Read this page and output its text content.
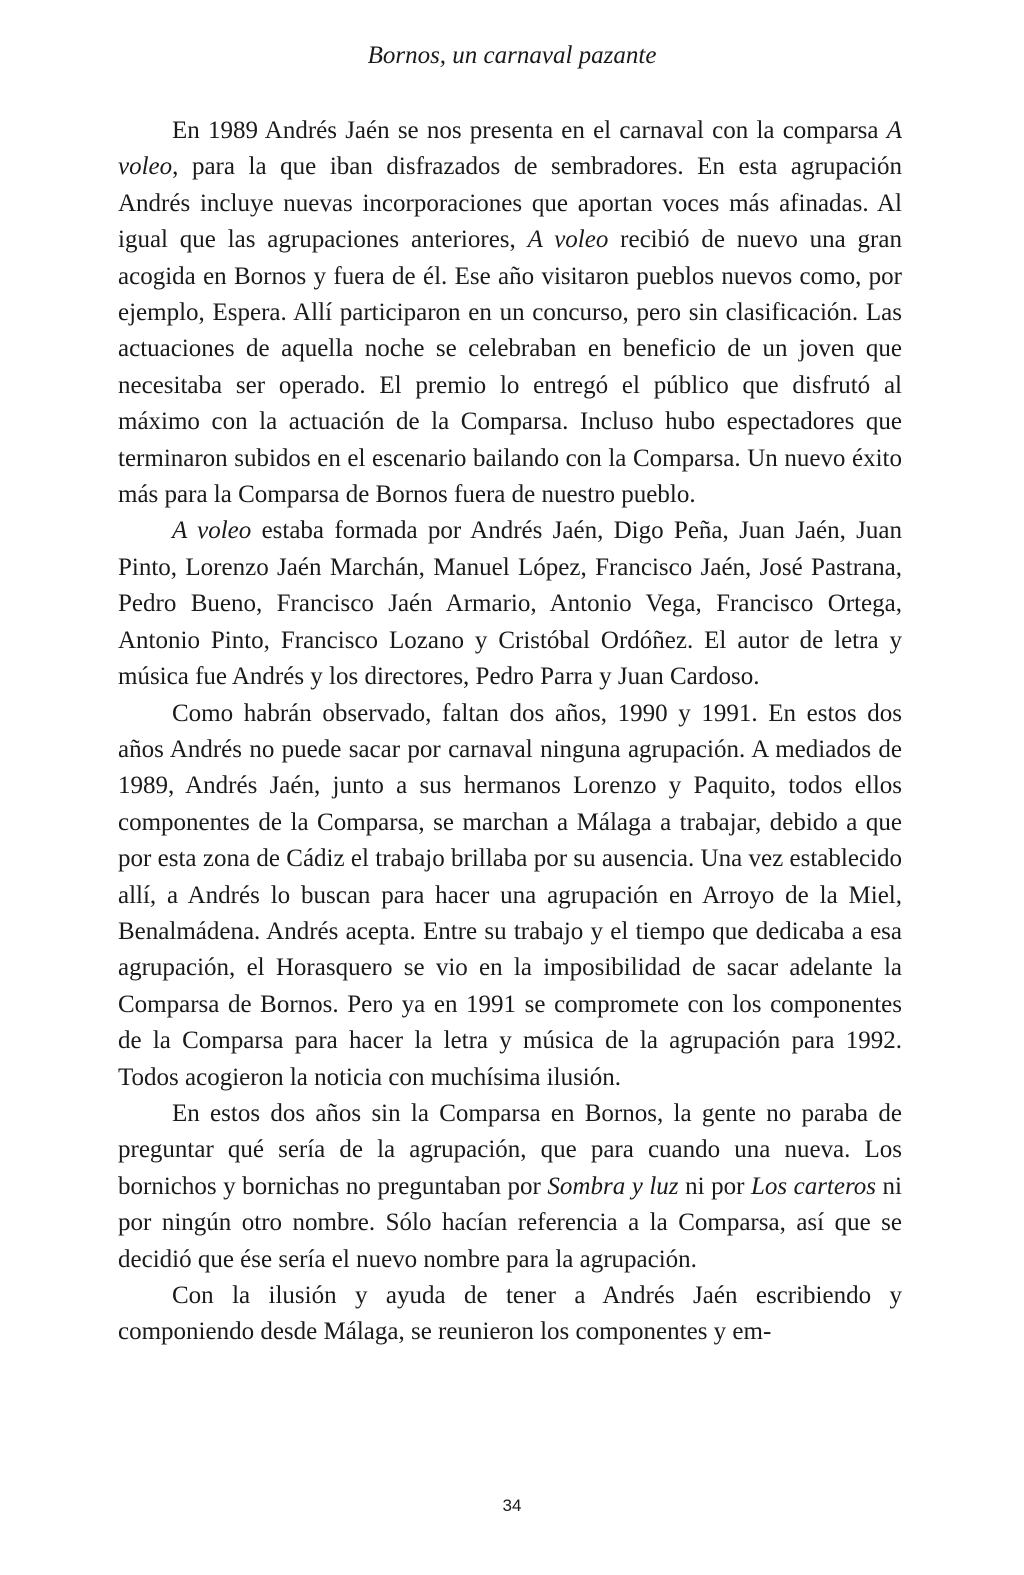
Bornos, un carnaval pazante

En 1989 Andrés Jaén se nos presenta en el carnaval con la comparsa A voleo, para la que iban disfrazados de sembradores. En esta agrupación Andrés incluye nuevas incorporaciones que aportan voces más afinadas. Al igual que las agrupaciones anteriores, A voleo recibió de nuevo una gran acogida en Bornos y fuera de él. Ese año visitaron pueblos nuevos como, por ejemplo, Espera. Allí participaron en un concurso, pero sin clasificación. Las actuaciones de aquella noche se celebraban en beneficio de un joven que necesitaba ser operado. El premio lo entregó el público que disfrutó al máximo con la actuación de la Comparsa. Incluso hubo espectadores que terminaron subidos en el escenario bailando con la Comparsa. Un nuevo éxito más para la Comparsa de Bornos fuera de nuestro pueblo.

A voleo estaba formada por Andrés Jaén, Digo Peña, Juan Jaén, Juan Pinto, Lorenzo Jaén Marchán, Manuel López, Francisco Jaén, José Pastrana, Pedro Bueno, Francisco Jaén Armario, Antonio Vega, Francisco Ortega, Antonio Pinto, Francisco Lozano y Cristóbal Ordóñez. El autor de letra y música fue Andrés y los directores, Pedro Parra y Juan Cardoso.

Como habrán observado, faltan dos años, 1990 y 1991. En estos dos años Andrés no puede sacar por carnaval ninguna agrupación. A mediados de 1989, Andrés Jaén, junto a sus hermanos Lorenzo y Paquito, todos ellos componentes de la Comparsa, se marchan a Málaga a trabajar, debido a que por esta zona de Cádiz el trabajo brillaba por su ausencia. Una vez establecido allí, a Andrés lo buscan para hacer una agrupación en Arroyo de la Miel, Benalmádena. Andrés acepta. Entre su trabajo y el tiempo que dedicaba a esa agrupación, el Horasquero se vio en la imposibilidad de sacar adelante la Comparsa de Bornos. Pero ya en 1991 se compromete con los componentes de la Comparsa para hacer la letra y música de la agrupación para 1992. Todos acogieron la noticia con muchísima ilusión.

En estos dos años sin la Comparsa en Bornos, la gente no paraba de preguntar qué sería de la agrupación, que para cuando una nueva. Los bornichos y bornichas no preguntaban por Sombra y luz ni por Los carteros ni por ningún otro nombre. Sólo hacían referencia a la Comparsa, así que se decidió que ése sería el nuevo nombre para la agrupación.

Con la ilusión y ayuda de tener a Andrés Jaén escribiendo y componiendo desde Málaga, se reunieron los componentes y em-

34
